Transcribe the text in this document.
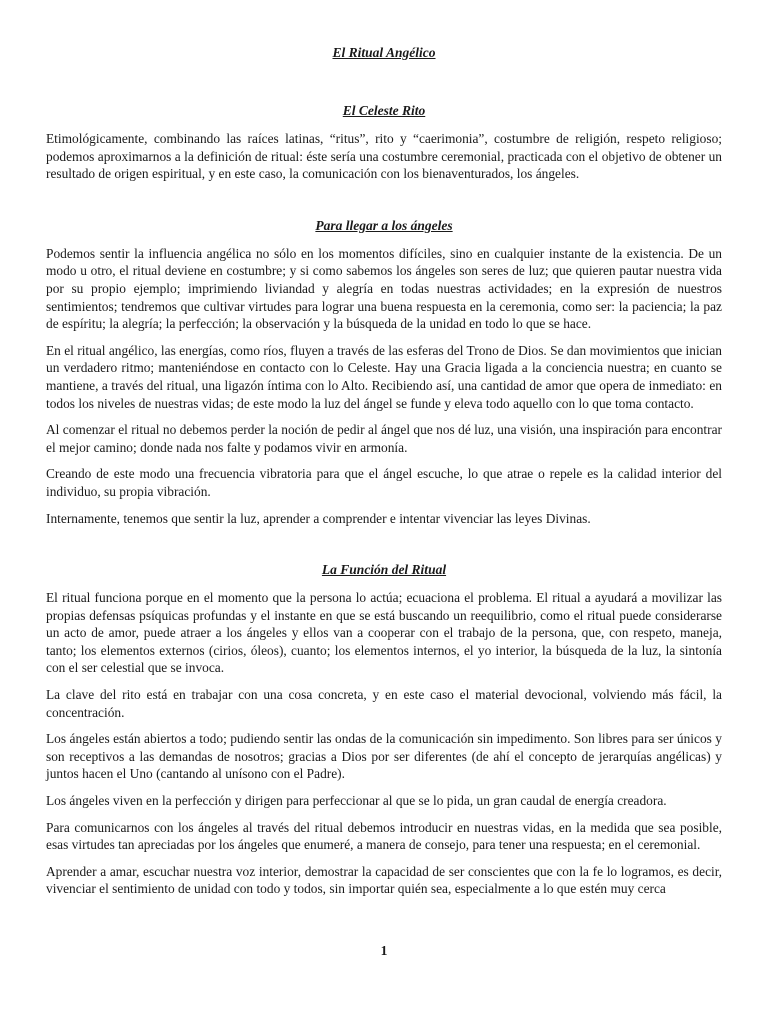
El Ritual Angélico
El Celeste Rito

Etimológicamente, combinando las raíces latinas, “ritus”, rito y “caerimonia”, costumbre de religión, respeto religioso; podemos aproximarnos a la definición de ritual: éste sería una costumbre ceremonial, practicada con el objetivo de obtener un resultado de origen espiritual, y en este caso, la comunicación con los bienaventurados, los ángeles.

Para llegar a los ángeles

Podemos sentir la influencia angélica no sólo en los momentos difíciles, sino en cualquier instante de la existencia. De un modo u otro, el ritual deviene en costumbre; y si como sabemos los ángeles son seres de luz; que quieren pautar nuestra vida por su propio ejemplo; imprimiendo liviandad y alegría en todas nuestras actividades; en la expresión de nuestros sentimientos; tendremos que cultivar virtudes para lograr una buena respuesta en la ceremonia, como ser: la paciencia; la paz de espíritu; la alegría; la perfección; la observación y la búsqueda de la unidad en todo lo que se hace.

En el ritual angélico, las energías, como ríos, fluyen a través de las esferas del Trono de Dios. Se dan movimientos que inician un verdadero ritmo; manteniéndose en contacto con lo Celeste. Hay una Gracia ligada a la conciencia nuestra; en cuanto se mantiene, a través del ritual, una ligazón íntima con lo Alto. Recibiendo así, una cantidad de amor que opera de inmediato: en todos los niveles de nuestras vidas; de este modo la luz del ángel se funde y eleva todo aquello con lo que toma contacto.

Al comenzar el ritual no debemos perder la noción de pedir al ángel que nos dé luz, una visión, una inspiración para encontrar el mejor camino; donde nada nos falte y podamos vivir en armonía.

Creando de este modo una frecuencia vibratoria para que el ángel escuche, lo que atrae o repele es la calidad interior del individuo, su propia vibración.

Internamente, tenemos que sentir la luz, aprender a comprender e intentar vivenciar las leyes Divinas.

La Función del Ritual

El ritual funciona porque en el momento que la persona lo actúa; ecuaciona el problema. El ritual a ayudará a movilizar las propias defensas psíquicas profundas y el instante en que se está buscando un reequilibrio, como el ritual puede considerarse un acto de amor, puede atraer a los ángeles y ellos van a cooperar con el trabajo de la persona, que, con respeto, maneja, tanto; los elementos externos (cirios, óleos), cuanto; los elementos internos, el yo interior, la búsqueda de la luz, la sintonía con el ser celestial que se invoca.

La clave del rito está en trabajar con una cosa concreta, y en este caso el material devocional, volviendo más fácil, la concentración.

Los ángeles están abiertos a todo; pudiendo sentir las ondas de la comunicación sin impedimento. Son libres para ser únicos y son receptivos a las demandas de nosotros; gracias a Dios por ser diferentes (de ahí el concepto de jerarquías angélicas) y juntos hacen el Uno (cantando al unísono con el Padre).

Los ángeles viven en la perfección y dirigen para perfeccionar al que se lo pida, un gran caudal de energía creadora.

Para comunicarnos con los ángeles al través del ritual debemos introducir en nuestras vidas, en la medida que sea posible, esas virtudes tan apreciadas por los ángeles que enumeré, a manera de consejo, para tener una respuesta; en el ceremonial.

Aprender a amar, escuchar nuestra voz interior, demostrar la capacidad de ser conscientes que con la fe lo logramos, es decir, vivenciar el sentimiento de unidad con todo y todos, sin importar quién sea, especialmente a lo que estén muy cerca

1
